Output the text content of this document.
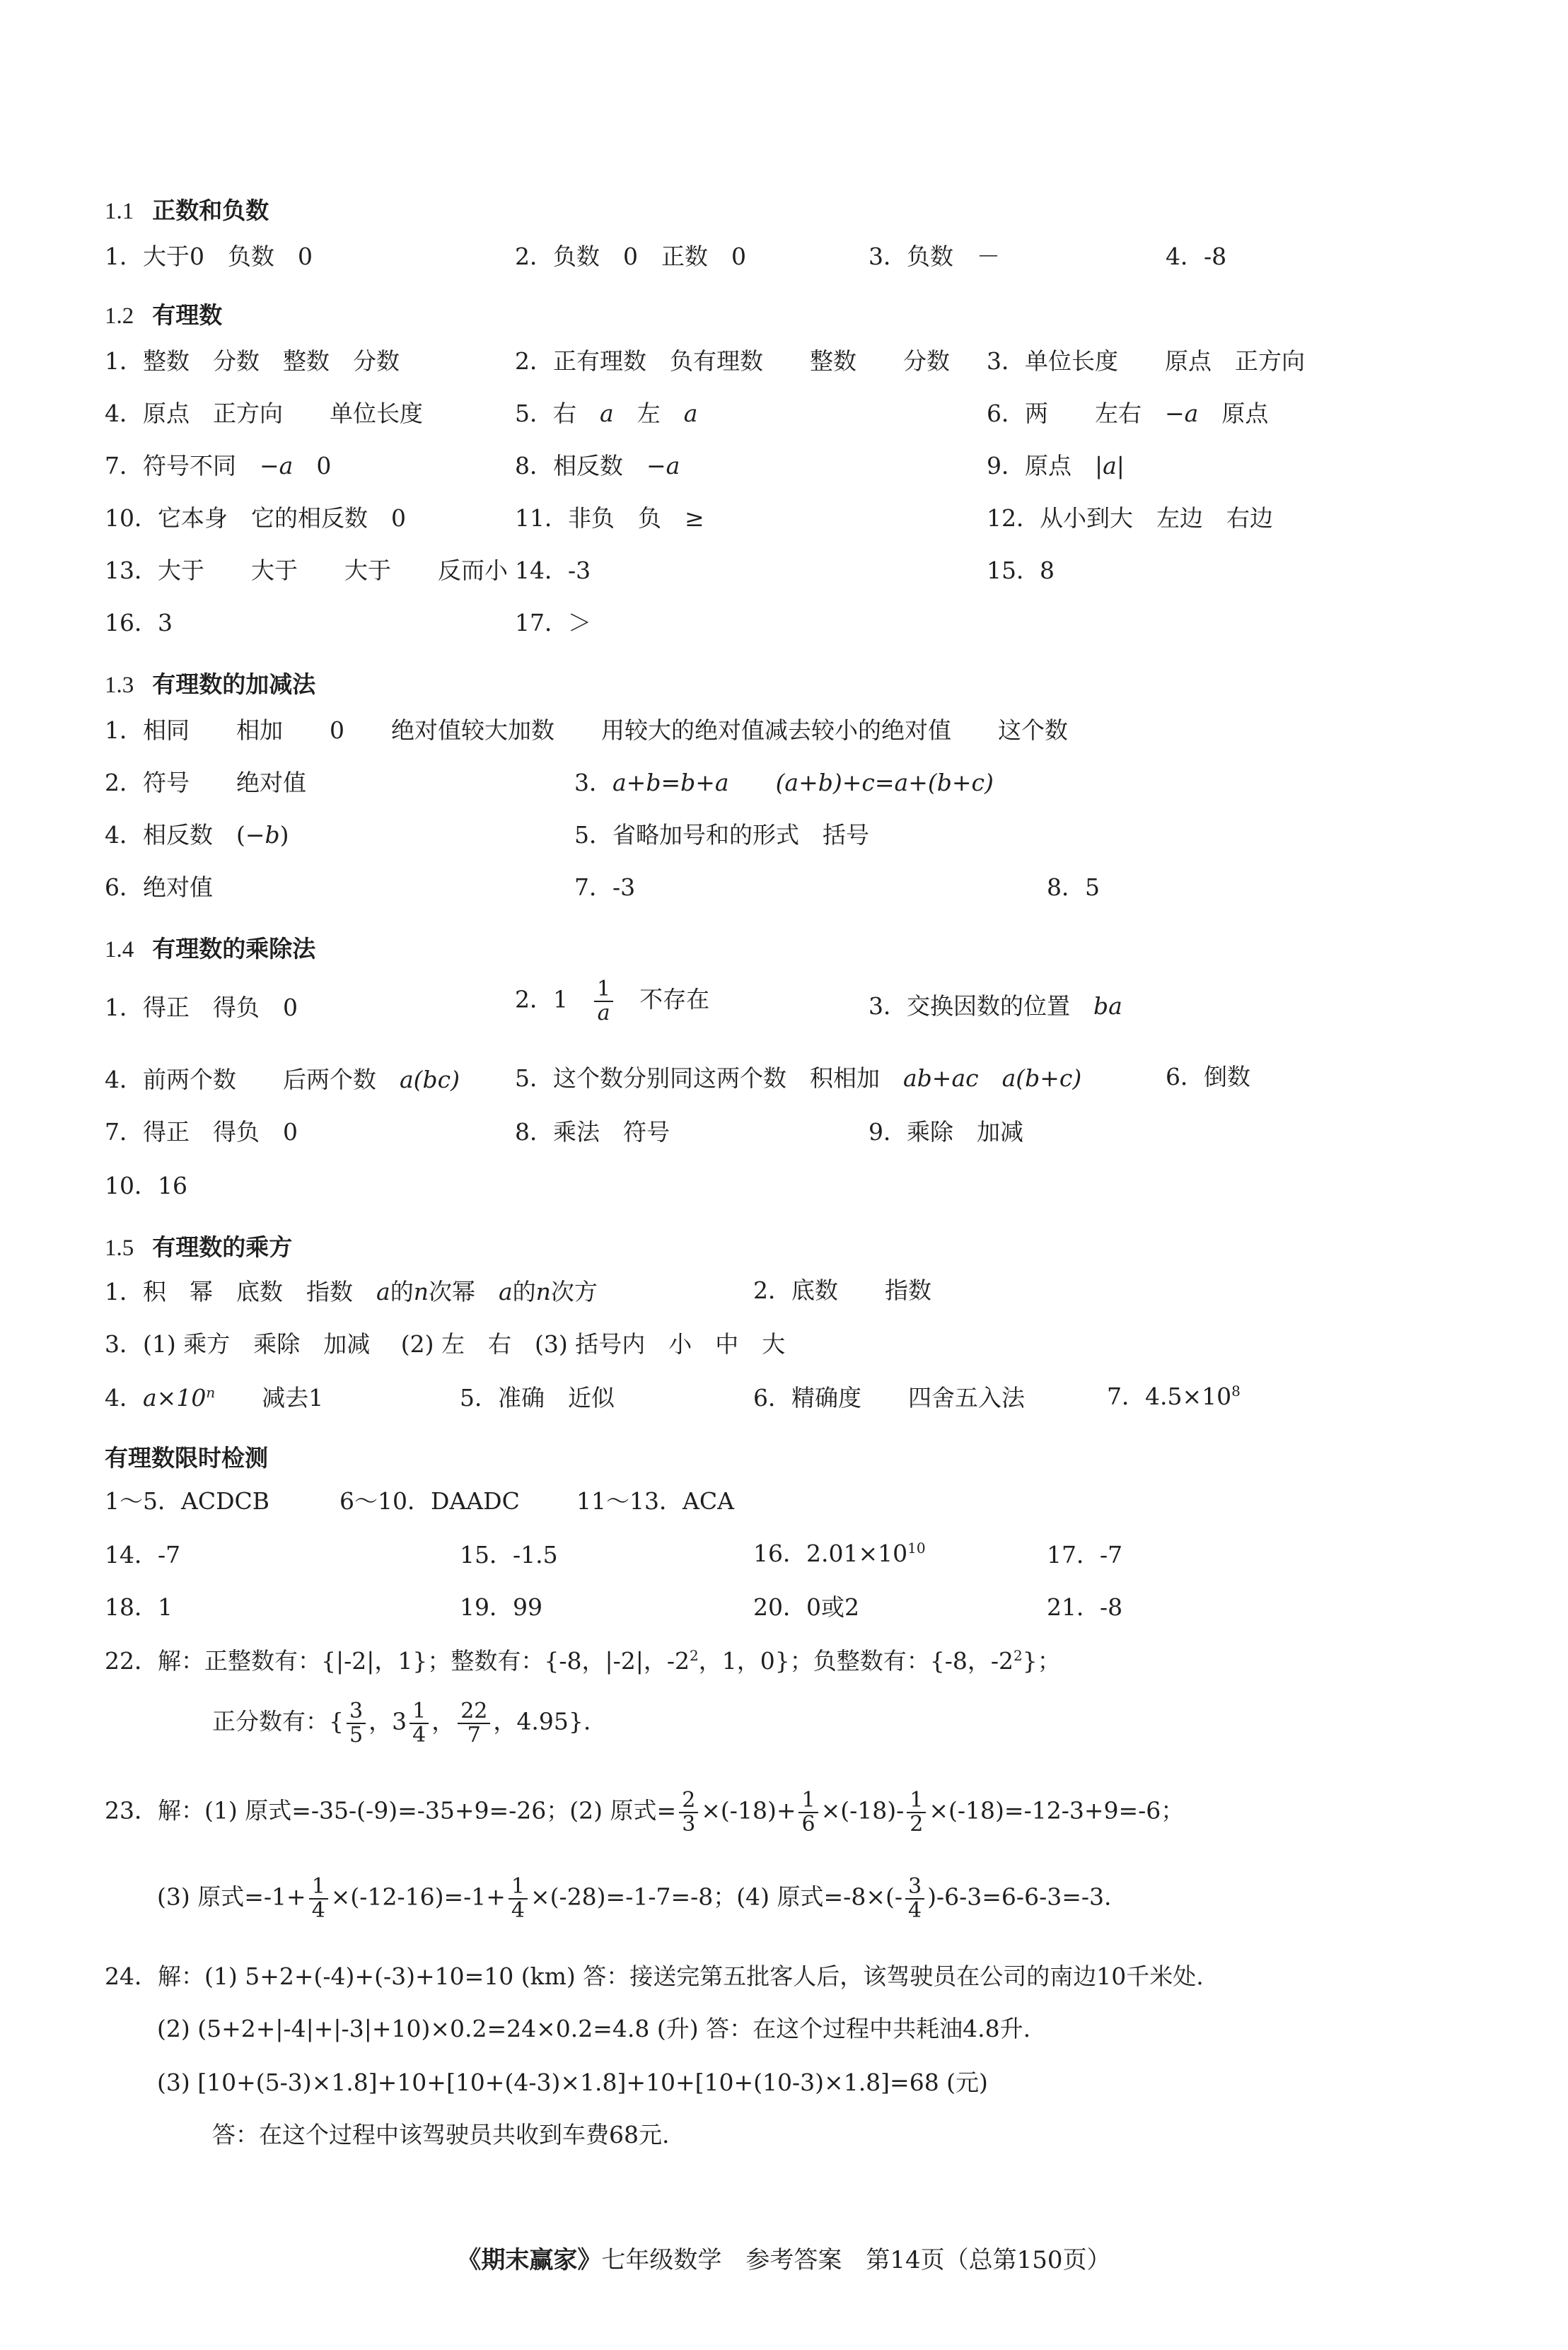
1.1 正数和负数
1．大于0　负数　0	2．负数　0　正数　0	3．负数　－	4．-8
1.2 有理数
1．整数　分数　整数　分数	2．正有理数　负有理数　　整数　　分数 3．单位长度　　原点　正方向
4．原点　正方向　　单位长度	5．右　a　左　a	6．两　　左右　−a　原点
7．符号不同　−a　0	8．相反数　−a	9．原点　|a|
10．它本身　它的相反数　0	11．非负　负　≥	12．从小到大　左边　右边
13．大于　　大于　　大于　　反而小 14．-3	15．8
16．3	17．＞
1.3 有理数的加减法
1．相同　　相加　　0　　绝对值较大加数　　用较大的绝对值减去较小的绝对值　　这个数
2．符号　　绝对值	3．a+b=b+a　　 (a+b)+c=a+(b+c)
4．相反数　(−b)	5．省略加号和的形式　括号
6．绝对值	7．-3	8．5
1.4 有理数的乘除法
1．得正　得负　0	2．1　 $\frac{1}{a}$ 　不存在	3．交换因数的位置　ba
4．前两个数　　后两个数　a(bc) 5．这个数分别同这两个数　积相加　ab+ac　 a(b+c)	6．倒数
7．得正　得负　0	8．乘法　符号	9．乘除　加减
10．16
1.5 有理数的乘方
1．积　幂　底数　指数　a的n次幂　a的n次方	2．底数　　指数
3．(1) 乘方　乘除　加减　 (2) 左　右　(3) 括号内　小　中　大
4．$a\times 10^n$　　减去1	5．准确　近似	6．精确度　　四舍五入法	7．$4.5\times 10^8$
有理数限时检测
1～5．ACDCB	6～10．DAADC 11～13．ACA
14．-7	15．-1.5	16．$2.01\times 10^{10}$	17．-7
18．1	19．99	20．0或2	21．-8
22．解：正整数有：{|-2|，1}；整数有：{-8，|-2|，$-2^2$，1，0}；负整数有：{-8，$-2^2$}；
正分数有：{ $\frac{3}{5}$ ，$3 \frac{1}{4}$ ， $\frac{22}{7}$ ，4.95}.
23．解：(1) 原式=-35-(-9)=-35+9=-26；(2) 原式= $\frac{2}{3} \times(-18)+ \frac{1}{6} \times(-18)- \frac{1}{2} \times(-18)=-12-3+9=-6$；
(3) 原式$=-1+ \frac{1}{4} \times(-12-16)=-1+ \frac{1}{4} \times(-28)=-1-7=-8$；(4) 原式$=-8\times(- \frac{3}{4} )-6-3=6-6-3=-3$.
24．解：(1) 5+2+(-4)+(-3)+10=10 (km) 答：接送完第五批客人后，该驾驶员在公司的南边10千米处.
(2) (5+2+|-4|+|-3|+10)×0.2=24×0.2=4.8 (升) 答：在这个过程中共耗油4.8升.
(3) [10+(5-3)×1.8]+10+[10+(4-3)×1.8]+10+[10+(10-3)×1.8]=68 (元)
答：在这个过程中该驾驶员共收到车费68元.
《期末赢家》七年级数学　参考答案　第14页（总第150页）
